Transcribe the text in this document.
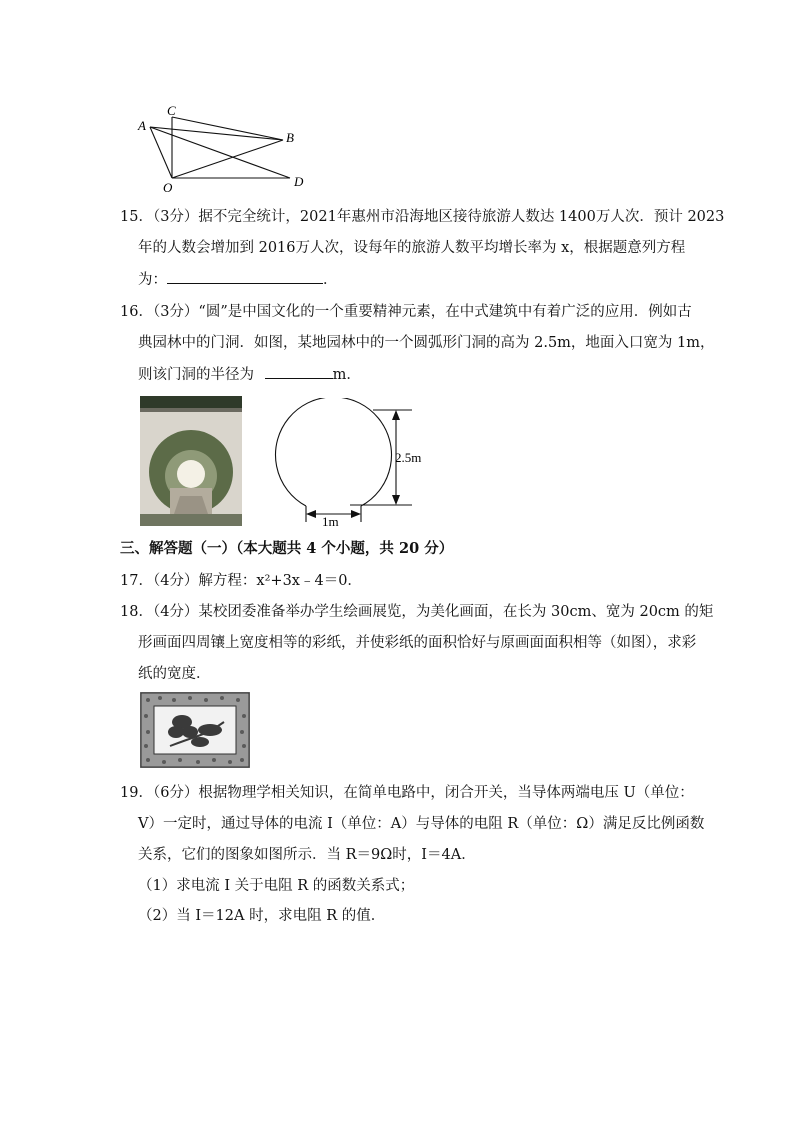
A
C
B
O	D
15．（3分）据不完全统计，2021年惠州市沿海地区接待旅游人数达 1400万人次．预计 2023
年的人数会增加到 2016万人次，设每年的旅游人数平均增长率为 x，根据题意列方程
为：	．
16．（3分）“圆”是中国文化的一个重要精神元素，在中式建筑中有着广泛的应用．例如古
典园林中的门洞．如图，某地园林中的一个圆弧形门洞的高为 2.5m，地面入口宽为 1m，
则该门洞的半径为	m．
2.5m
1m
三、解答题（一）（本大题共 4 个小题，共 20 分）
17．（4分）解方程：x²+3x﹣4＝0．
18．（4分）某校团委准备举办学生绘画展览，为美化画面，在长为 30cm、宽为 20cm 的矩
形画面四周镶上宽度相等的彩纸，并使彩纸的面积恰好与原画面面积相等（如图），求彩
纸的宽度．
19．（6分）根据物理学相关知识，在简单电路中，闭合开关，当导体两端电压 U（单位：
V）一定时，通过导体的电流 I（单位：A）与导体的电阻 R（单位：Ω）满足反比例函数
关系，它们的图象如图所示．当 R＝9Ω时，I＝4A．
（1）求电流 I 关于电阻 R 的函数关系式；
（2）当 I＝12A 时，求电阻 R 的值．
